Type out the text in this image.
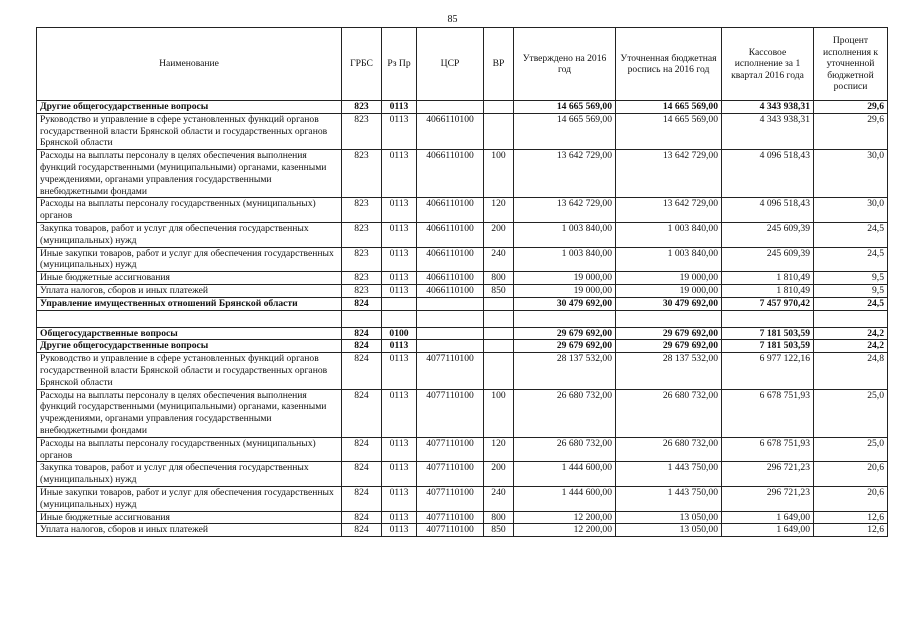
85
Наименование	ГРБС	Рз Пр	ЦСР	ВР	Утверждено на 2016 год	Уточненная бюджетная роспись на 2016 год	Кассовое исполнение за 1 квартал 2016 года	Процент исполнения к уточненной бюджетной росписи
Другие общегосударственные вопросы	823	0113			14 665 569,00	14 665 569,00	4 343 938,31	29,6
Руководство и управление в сфере установленных функций органов государственной власти Брянской области и государственных органов Брянской области	823	0113	4066110100		14 665 569,00	14 665 569,00	4 343 938,31	29,6
Расходы на выплаты персоналу в целях обеспечения выполнения функций государственными (муниципальными) органами, казенными учреждениями, органами управления государственными внебюджетными фондами	823	0113	4066110100	100	13 642 729,00	13 642 729,00	4 096 518,43	30,0
Расходы на выплаты персоналу государственных (муниципальных) органов	823	0113	4066110100	120	13 642 729,00	13 642 729,00	4 096 518,43	30,0
Закупка товаров, работ и услуг для обеспечения государственных (муниципальных) нужд	823	0113	4066110100	200	1 003 840,00	1 003 840,00	245 609,39	24,5
Иные закупки товаров, работ и услуг для обеспечения государственных (муниципальных) нужд	823	0113	4066110100	240	1 003 840,00	1 003 840,00	245 609,39	24,5
Иные бюджетные ассигнования	823	0113	4066110100	800	19 000,00	19 000,00	1 810,49	9,5
Уплата налогов, сборов и иных платежей	823	0113	4066110100	850	19 000,00	19 000,00	1 810,49	9,5
Управление имущественных отношений Брянской области	824				30 479 692,00	30 479 692,00	7 457 970,42	24,5

Общегосударственные вопросы	824	0100			29 679 692,00	29 679 692,00	7 181 503,59	24,2
Другие общегосударственные вопросы	824	0113			29 679 692,00	29 679 692,00	7 181 503,59	24,2
Руководство и управление в сфере установленных функций органов государственной власти Брянской области и государственных органов Брянской области	824	0113	4077110100		28 137 532,00	28 137 532,00	6 977 122,16	24,8
Расходы на выплаты персоналу в целях обеспечения выполнения функций государственными (муниципальными) органами, казенными учреждениями, органами управления государственными внебюджетными фондами	824	0113	4077110100	100	26 680 732,00	26 680 732,00	6 678 751,93	25,0
Расходы на выплаты персоналу государственных (муниципальных) органов	824	0113	4077110100	120	26 680 732,00	26 680 732,00	6 678 751,93	25,0
Закупка товаров, работ и услуг для обеспечения государственных (муниципальных) нужд	824	0113	4077110100	200	1 444 600,00	1 443 750,00	296 721,23	20,6
Иные закупки товаров, работ и услуг для обеспечения государственных (муниципальных) нужд	824	0113	4077110100	240	1 444 600,00	1 443 750,00	296 721,23	20,6
Иные бюджетные ассигнования	824	0113	4077110100	800	12 200,00	13 050,00	1 649,00	12,6
Уплата налогов, сборов и иных платежей	824	0113	4077110100	850	12 200,00	13 050,00	1 649,00	12,6
